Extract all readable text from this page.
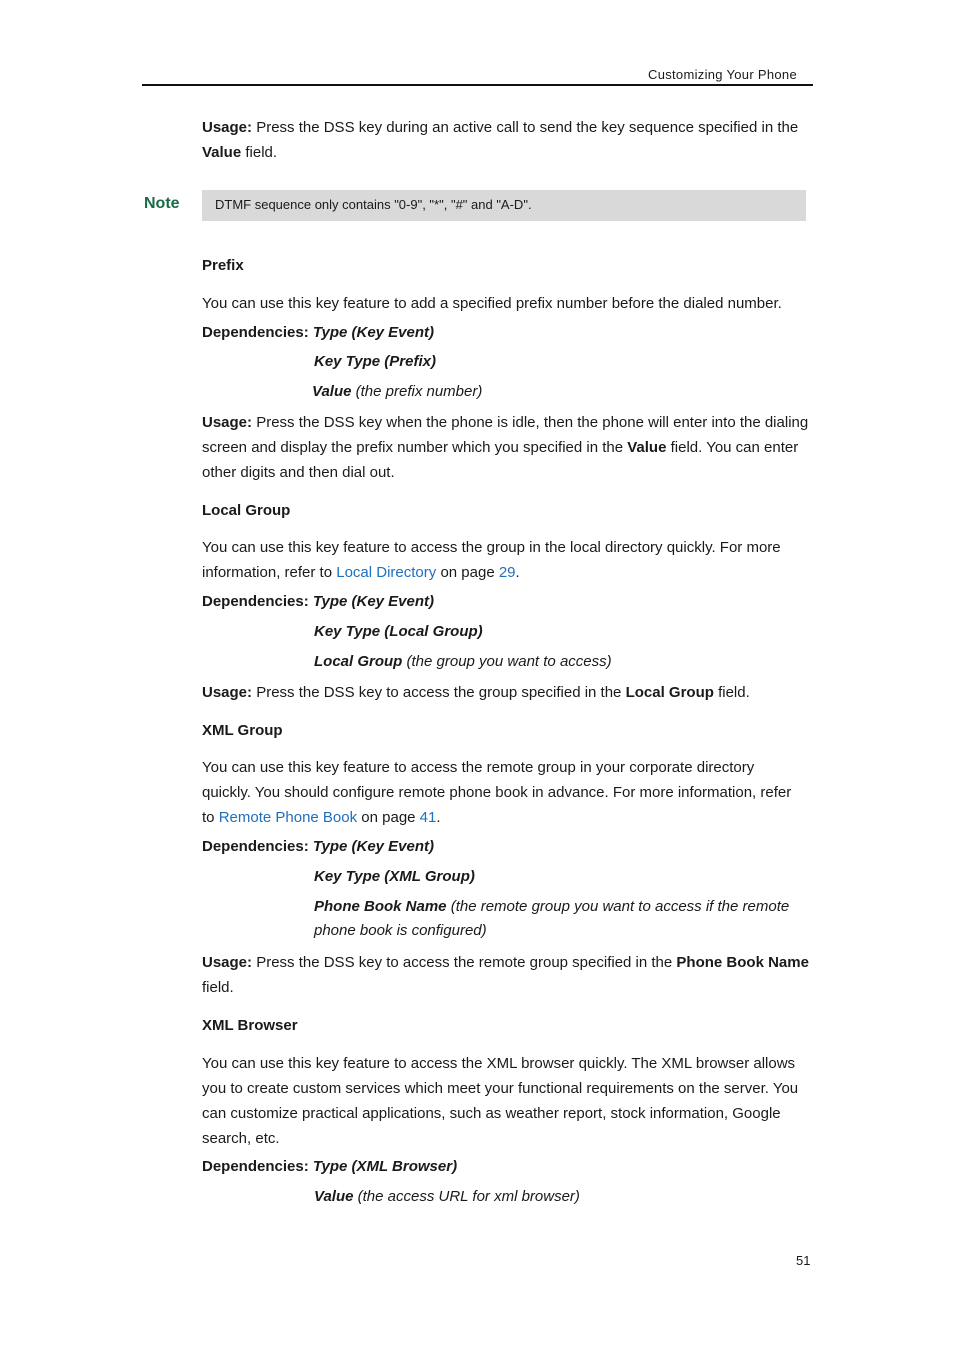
Customizing Your Phone
Usage: Press the DSS key during an active call to send the key sequence specified in the Value field.
Note	DTMF sequence only contains "0-9", "*", "#" and "A-D".
Prefix
You can use this key feature to add a specified prefix number before the dialed number.
Dependencies: Type (Key Event)
Key Type (Prefix)
Value (the prefix number)
Usage: Press the DSS key when the phone is idle, then the phone will enter into the dialing screen and display the prefix number which you specified in the Value field. You can enter other digits and then dial out.
Local Group
You can use this key feature to access the group in the local directory quickly. For more information, refer to Local Directory on page 29.
Dependencies: Type (Key Event)
Key Type (Local Group)
Local Group (the group you want to access)
Usage: Press the DSS key to access the group specified in the Local Group field.
XML Group
You can use this key feature to access the remote group in your corporate directory quickly. You should configure remote phone book in advance. For more information, refer to Remote Phone Book on page 41.
Dependencies: Type (Key Event)
Key Type (XML Group)
Phone Book Name (the remote group you want to access if the remote
phone book is configured)
Usage: Press the DSS key to access the remote group specified in the Phone Book Name field.
XML Browser
You can use this key feature to access the XML browser quickly. The XML browser allows you to create custom services which meet your functional requirements on the server. You can customize practical applications, such as weather report, stock information, Google search, etc.
Dependencies: Type (XML Browser)
Value (the access URL for xml browser)
51
